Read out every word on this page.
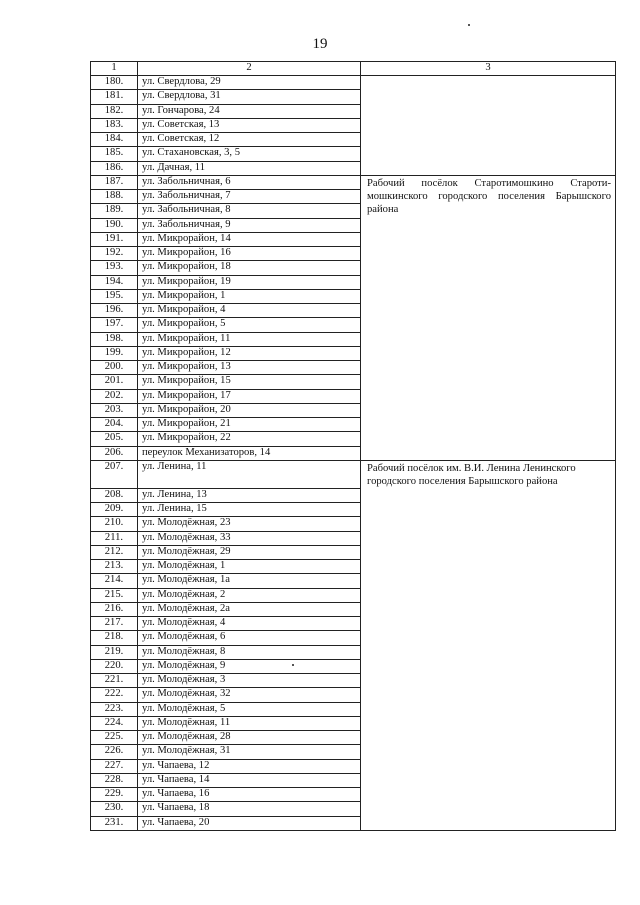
19
1	2	3
180.	ул. Свердлова, 29	
181.	ул. Свердлова, 31	
182.	ул. Гончарова, 24	
183.	ул. Советская, 13	
184.	ул. Советская, 12	
185.	ул. Стахановская, 3, 5	
186.	ул. Дачная, 11	
187.	ул. Забольничная, 6	Рабочий посёлок Старотимошкино Староти-мошкинского городского поселения Барышского района
188.	ул. Забольничная, 7	
189.	ул. Забольничная, 8	
190.	ул. Забольничная, 9	
191.	ул. Микрорайон, 14	
192.	ул. Микрорайон, 16	
193.	ул. Микрорайон, 18	
194.	ул. Микрорайон, 19	
195.	ул. Микрорайон, 1	
196.	ул. Микрорайон, 4	
197.	ул. Микрорайон, 5	
198.	ул. Микрорайон, 11	
199.	ул. Микрорайон, 12	
200.	ул. Микрорайон, 13	
201.	ул. Микрорайон, 15	
202.	ул. Микрорайон, 17	
203.	ул. Микрорайон, 20	
204.	ул. Микрорайон, 21	
205.	ул. Микрорайон, 22	
206.	переулок Механизаторов, 14	
207.	ул. Ленина, 11	Рабочий посёлок им. В.И. Ленина Ленинского городского поселения Барышского района
208.	ул. Ленина, 13	
209.	ул. Ленина, 15	
210.	ул. Молодёжная, 23	
211.	ул. Молодёжная, 33	
212.	ул. Молодёжная, 29	
213.	ул. Молодёжная, 1	
214.	ул. Молодёжная, 1а	
215.	ул. Молодёжная, 2	
216.	ул. Молодёжная, 2а	
217.	ул. Молодёжная, 4	
218.	ул. Молодёжная, 6	
219.	ул. Молодёжная, 8	
220.	ул. Молодёжная, 9	
221.	ул. Молодёжная, 3	
222.	ул. Молодёжная, 32	
223.	ул. Молодёжная, 5	
224.	ул. Молодёжная, 11	
225.	ул. Молодёжная, 28	
226.	ул. Молодёжная, 31	
227.	ул. Чапаева, 12	
228.	ул. Чапаева, 14	
229.	ул. Чапаева, 16	
230.	ул. Чапаева, 18	
231.	ул. Чапаева, 20	
